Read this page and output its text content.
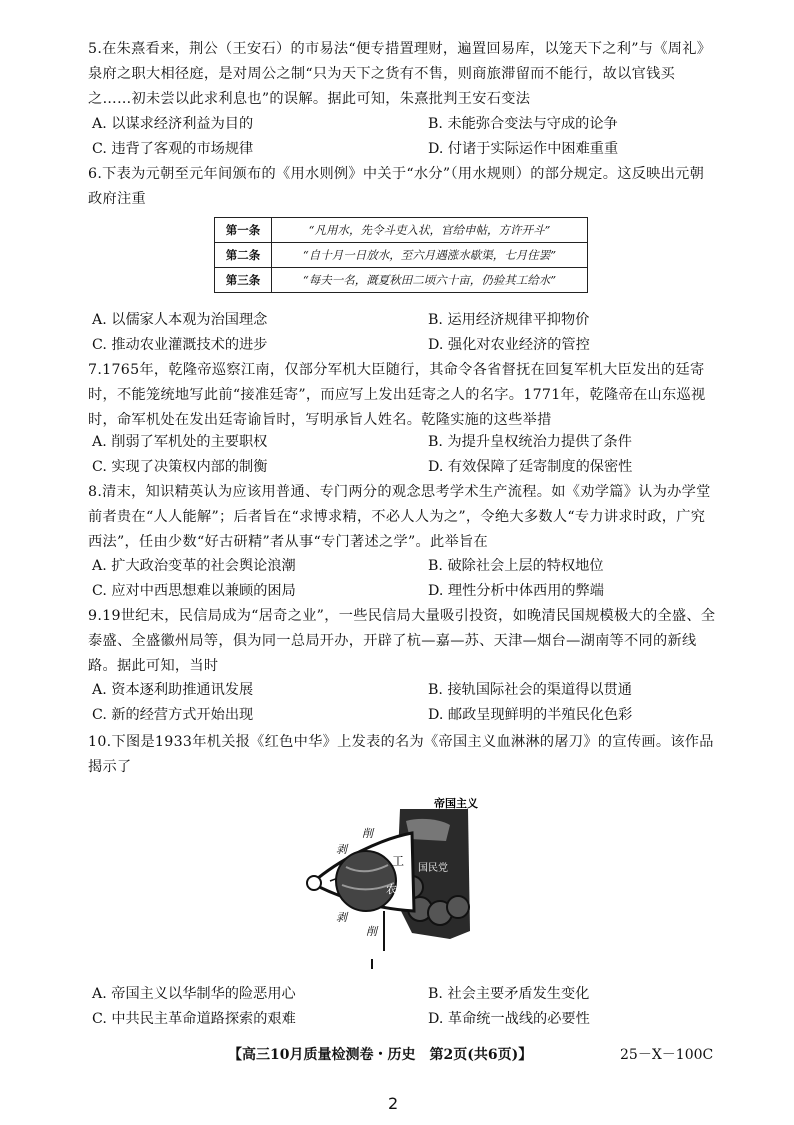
5.在朱熹看来，荆公（王安石）的市易法“便专措置理财，遍置回易库，以笼天下之利”与《周礼》泉府之职大相径庭，是对周公之制“只为天下之货有不售，则商旅滞留而不能行，故以官钱买之……初未尝以此求利息也”的误解。据此可知，朱熹批判王安石变法

A. 以谋求经济利益为目的	B. 未能弥合变法与守成的论争
C. 违背了客观的市场规律	D. 付诸于实际运作中困难重重

6.下表为元朝至元年间颁布的《用水则例》中关于“水分”（用水规则）的部分规定。这反映出元朝政府注重

第一条	“凡用水，先令斗吏入状，官给申帖，方许开斗”
第二条	“自十月一日放水，至六月遇涨水歇渠，七月住罢”
第三条	“每夫一名，溉夏秋田二顷六十亩，仍验其工给水”
A. 以儒家人本观为治国理念	B. 运用经济规律平抑物价
C. 推动农业灌溉技术的进步	D. 强化对农业经济的管控

7.1765年，乾隆帝巡察江南，仅部分军机大臣随行，其命令各省督抚在回复军机大臣发出的廷寄时，不能笼统地写此前“接准廷寄”，而应写上发出廷寄之人的名字。1771年，乾隆帝在山东巡视时，命军机处在发出廷寄谕旨时，写明承旨人姓名。乾隆实施的这些举措

A. 削弱了军机处的主要职权	B. 为提升皇权统治力提供了条件
C. 实现了决策权内部的制衡	D. 有效保障了廷寄制度的保密性

8.清末，知识精英认为应该用普通、专门两分的观念思考学术生产流程。如《劝学篇》认为办学堂前者贵在“人人能解”；后者旨在“求博求精，不必人人为之”，令绝大多数人“专力讲求时政，广究西法”，任由少数“好古研精”者从事“专门著述之学”。此举旨在

A. 扩大政治变革的社会舆论浪潮	B. 破除社会上层的特权地位
C. 应对中西思想难以兼顾的困局	D. 理性分析中体西用的弊端

9.19世纪末，民信局成为“居奇之业”，一些民信局大量吸引投资，如晚清民国规模极大的全盛、全泰盛、全盛徽州局等，俱为同一总局开办，开辟了杭—嘉—苏、天津—烟台—湖南等不同的新线路。据此可知，当时

A. 资本逐利助推通讯发展	B. 接轨国际社会的渠道得以贯通
C. 新的经营方式开始出现	D. 邮政呈现鲜明的半殖民化色彩

10.下图是1933年机关报《红色中华》上发表的名为《帝国主义血淋淋的屠刀》的宣传画。该作品揭示了

帝国主义
工
农
国民党
剥
削
剥
削
A. 帝国主义以华制华的险恶用心	B. 社会主要矛盾发生变化
C. 中共民主革命道路探索的艰难	D. 革命统一战线的必要性
【高三10月质量检测卷・历史　第2页(共6页)】	25－X－100C
2
